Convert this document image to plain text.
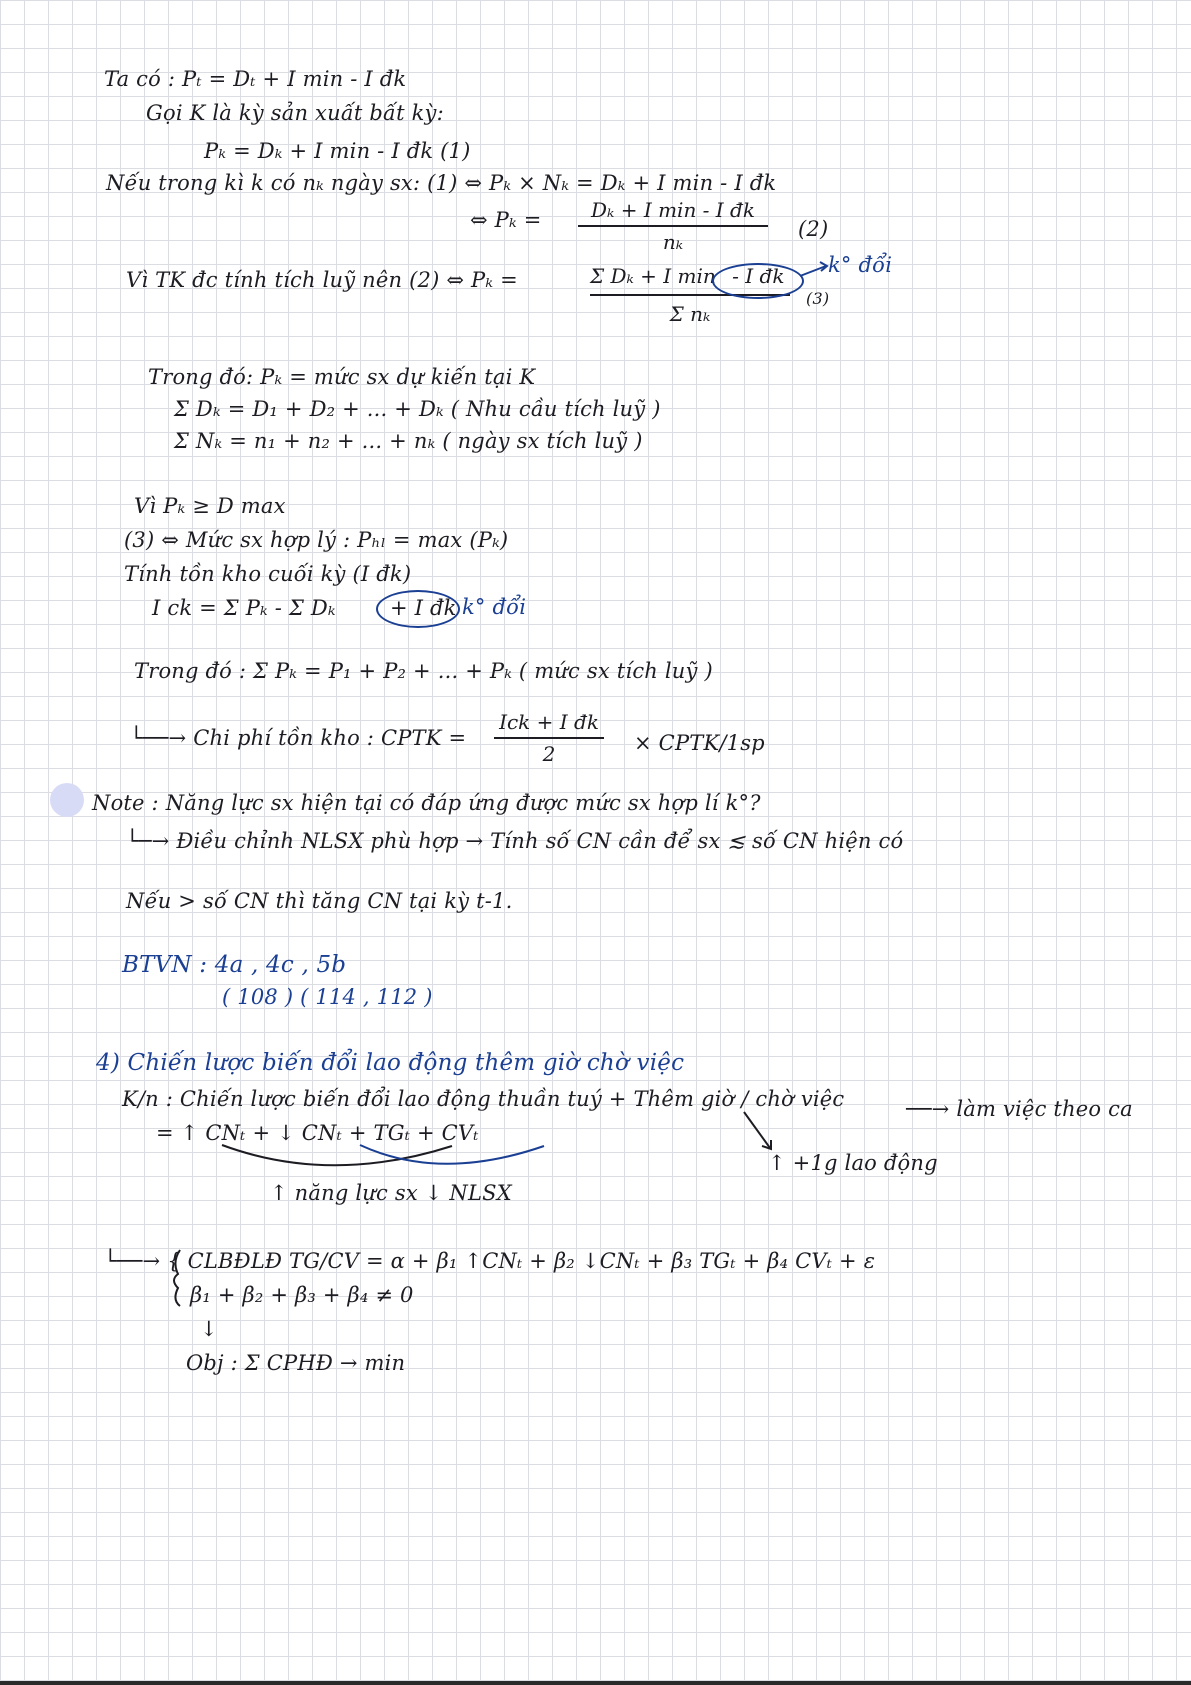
Ta có : Pₜ = Dₜ + I min - I đk
Gọi K là kỳ sản xuất bất kỳ:
Pₖ = Dₖ + I min - I đk (1)
Nếu trong kì k có nₖ ngày sx: (1) ⇔ Pₖ × Nₖ = Dₖ + I min - I đk
⇔ Pₖ =	Dₖ + I min - I đk
nₖ
(2)
Vì TK đc tính tích luỹ nên (2) ⇔ Pₖ =	Σ Dₖ + I min - I đk
Σ nₖ
(3)
k° đổi
Trong đó: Pₖ = mức sx dự kiến tại K
Σ Dₖ = D₁ + D₂ + ... + Dₖ ( Nhu cầu tích luỹ )
Σ Nₖ = n₁ + n₂ + ... + nₖ ( ngày sx tích luỹ )
Vì Pₖ ≥ D max
(3) ⇔ Mức sx hợp lý : Pₕₗ = max (Pₖ)
Tính tồn kho cuối kỳ (I đk)
I ck = Σ Pₖ - Σ Dₖ	+ I đk k° đổi
Trong đó : Σ Pₖ = P₁ + P₂ + ... + Pₖ ( mức sx tích luỹ )
└──→ Chi phí tồn kho : CPTK =
Ick + I đk
2	× CPTK/1sp
Note : Năng lực sx hiện tại có đáp ứng được mức sx hợp lí k°?
└─→ Điều chỉnh NLSX phù hợp → Tính số CN cần để sx ≲ số CN hiện có
Nếu > số CN thì tăng CN tại kỳ t-1.
BTVN : 4a , 4c , 5b
( 108 ) ( 114 , 112 )
4) Chiến lược biến đổi lao động thêm giờ chờ việc
K/n : Chiến lược biến đổi lao động thuần tuý + Thêm giờ / chờ việc	──→ làm việc theo ca
= ↑ CNₜ + ↓ CNₜ + TGₜ + CVₜ
↑ +1g lao động
↑ năng lực sx ↓ NLSX
└──→ { CLBĐLĐ TG/CV = α + β₁ ↑CNₜ + β₂ ↓CNₜ + β₃ TGₜ + β₄ CVₜ + ε
β₁ + β₂ + β₃ + β₄ ≠ 0
↓
Obj : Σ CPHĐ → min
